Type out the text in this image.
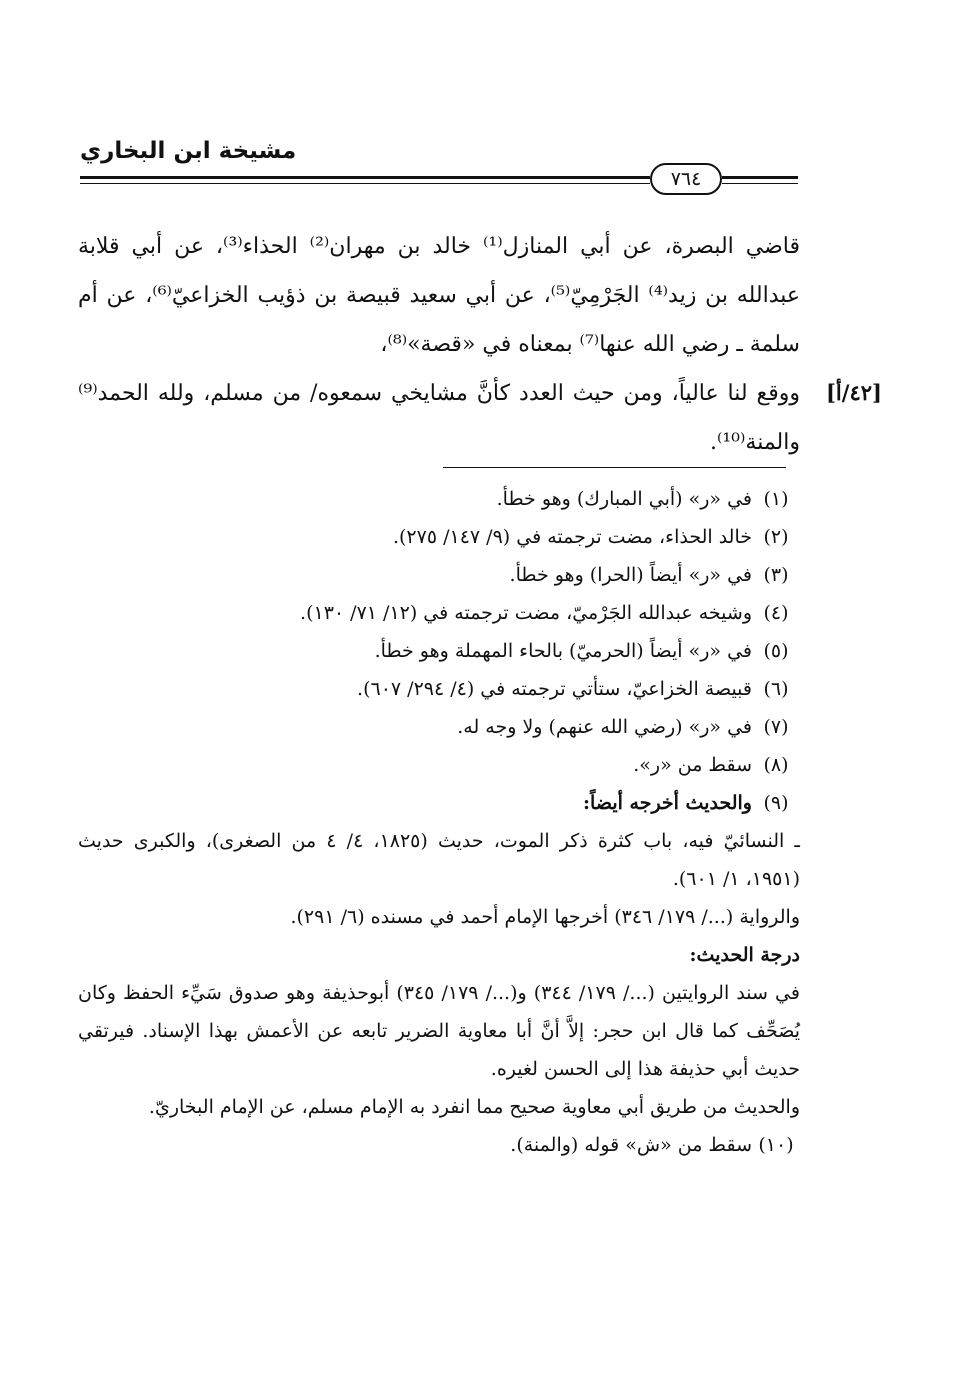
مشيخة ابن البخاري
٧٦٤

قاضي البصرة، عن أبي المنازل⁽¹⁾ خالد بن مهران⁽²⁾ الحذاء⁽³⁾، عن أبي قلابة عبدالله بن زيد⁽⁴⁾ الجَرْمِيّ⁽⁵⁾، عن أبي سعيد قبيصة بن ذؤيب الخزاعيّ⁽⁶⁾، عن أم سلمة ـ رضي الله عنها⁽⁷⁾ بمعناه في «قصة»⁽⁸⁾،

ووقع لنا عالياً، ومن حيث العدد كأنَّ مشايخي سمعوه/ من مسلم، ولله الحمد⁽⁹⁾ والمنة⁽¹⁰⁾.

[٤٢/أ]
(١)
في «ر» (أبي المبارك) وهو خطأ.
(٢)
خالد الحذاء، مضت ترجمته في (٩/ ١٤٧/ ٢٧٥).
(٣)
في «ر» أيضاً (الحرا) وهو خطأ.
(٤)
وشيخه عبدالله الجَرْميّ، مضت ترجمته في (١٢/ ٧١/ ١٣٠).
(٥)
في «ر» أيضاً (الحرميّ) بالحاء المهملة وهو خطأ.
(٦)
قبيصة الخزاعيّ، ستأتي ترجمته في (٤/ ٢٩٤/ ٦٠٧).
(٧)
في «ر» (رضي الله عنهم) ولا وجه له.
(٨)
سقط من «ر».
(٩)
والحديث أخرجه أيضاً:
ـ النسائيّ فيه، باب كثرة ذكر الموت، حديث (١٨٢٥، ٤/ ٤ من الصغرى)، والكبرى حديث (١٩٥١، ١/ ٦٠١).
والرواية (.../ ١٧٩/ ٣٤٦) أخرجها الإمام أحمد في مسنده (٦/ ٢٩١).
درجة الحديث:
في سند الروايتين (.../ ١٧٩/ ٣٤٤) و(.../ ١٧٩/ ٣٤٥) أبوحذيفة وهو صدوق سَيِّء الحفظ وكان يُصَحِّف كما قال ابن حجر: إلاَّ أنَّ أبا معاوية الضرير تابعه عن الأعمش بهذا الإسناد. فيرتقي حديث أبي حذيفة هذا إلى الحسن لغيره.
والحديث من طريق أبي معاوية صحيح مما انفرد به الإمام مسلم، عن الإمام البخاريّ.
(١٠)
سقط من «ش» قوله (والمنة).
